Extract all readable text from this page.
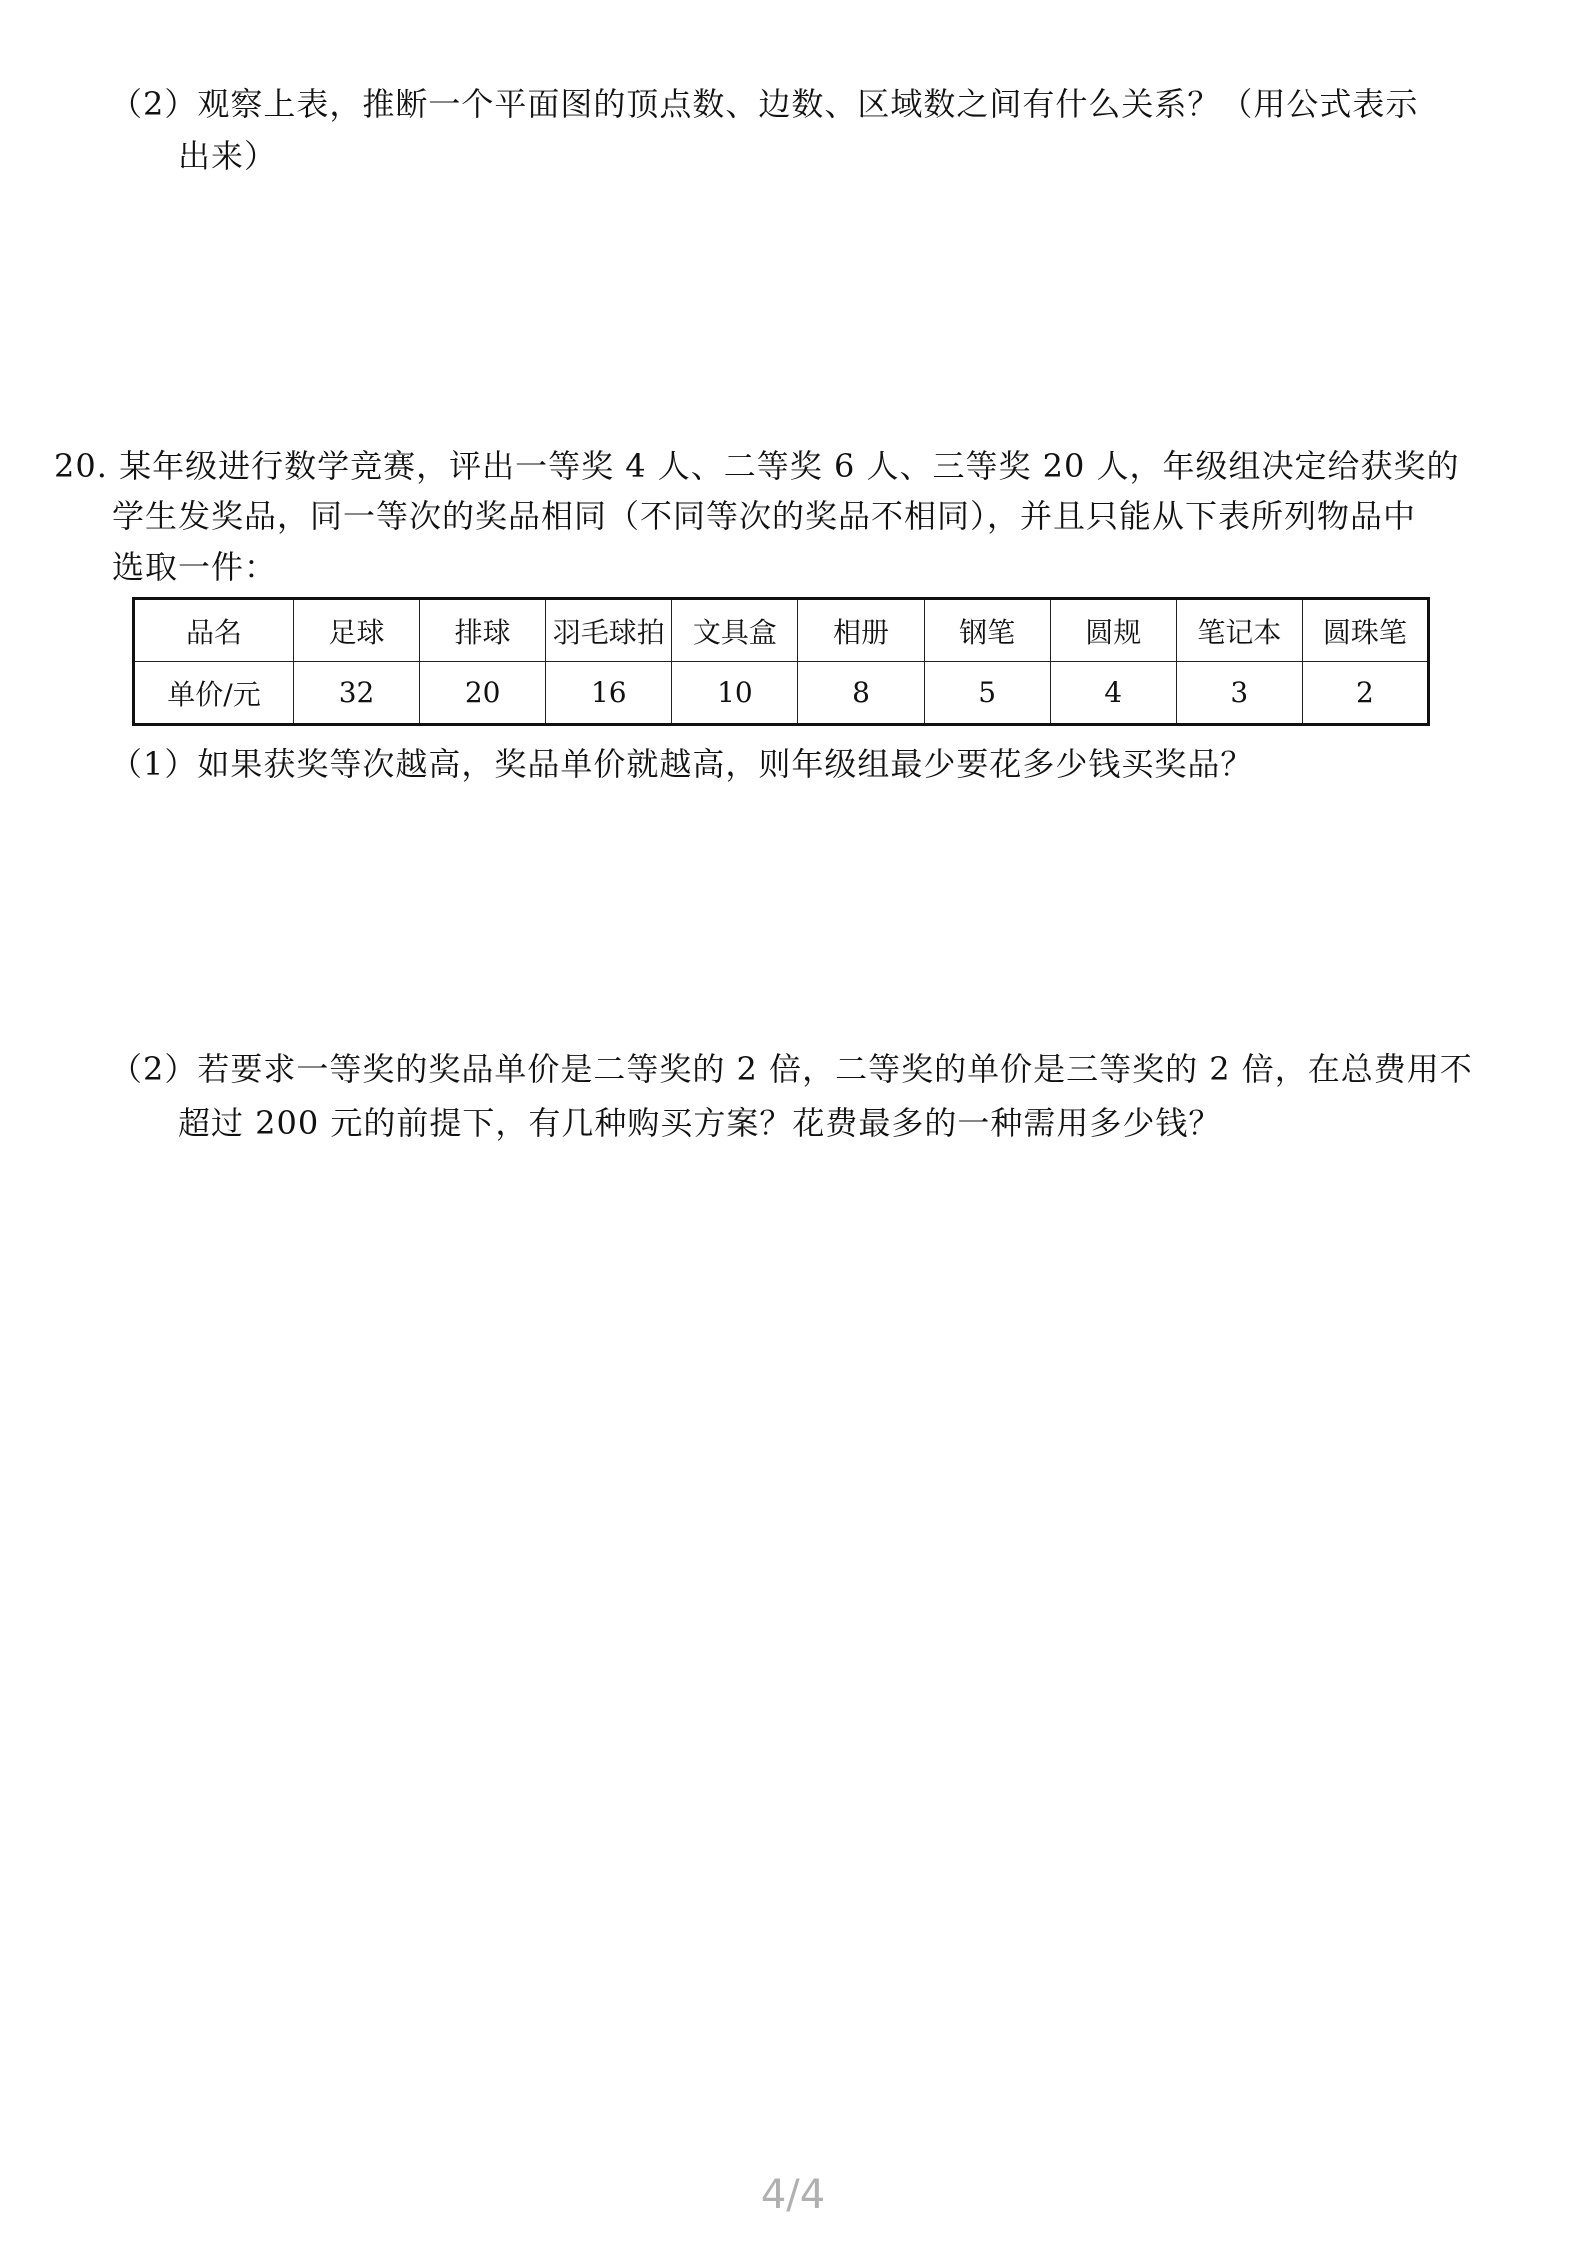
（2）观察上表，推断一个平面图的顶点数、边数、区域数之间有什么关系？（用公式表示
出来）
20. 某年级进行数学竞赛，评出一等奖 4 人、二等奖 6 人、三等奖 20 人，年级组决定给获奖的
学生发奖品，同一等次的奖品相同（不同等次的奖品不相同），并且只能从下表所列物品中
选取一件：
品名	足球	排球	羽毛球拍	文具盒	相册	钢笔	圆规	笔记本	圆珠笔
单价/元	32	20	16	10	8	5	4	3	2
（1）如果获奖等次越高，奖品单价就越高，则年级组最少要花多少钱买奖品？
（2）若要求一等奖的奖品单价是二等奖的 2 倍，二等奖的单价是三等奖的 2 倍，在总费用不
超过 200 元的前提下，有几种购买方案？花费最多的一种需用多少钱？
4/4
